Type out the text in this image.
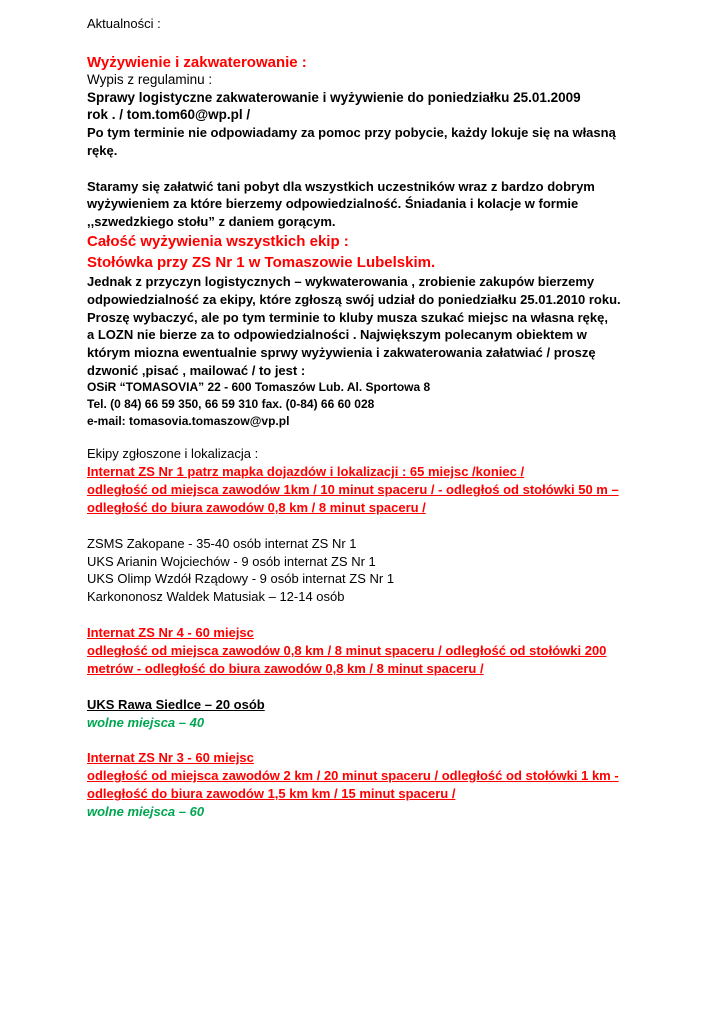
Aktualności :
Wyżywienie i zakwaterowanie :
Wypis z regulaminu :
Sprawy logistyczne zakwaterowanie i wyżywienie do poniedziałku 25.01.2009
rok . / tom.tom60@wp.pl /
Po tym terminie nie odpowiadamy za pomoc przy pobycie, każdy lokuje się na własną
rękę.
Staramy się załatwić tani pobyt dla wszystkich uczestników wraz z bardzo dobrym
wyżywieniem za które bierzemy odpowiedzialność. Śniadania i kolacje w formie
,,szwedzkiego stołu” z daniem gorącym.
Całość wyżywienia wszystkich ekip :
Stołówka przy ZS Nr 1 w Tomaszowie Lubelskim.
Jednak z przyczyn logistycznych – wykwaterowania , zrobienie zakupów bierzemy
odpowiedzialność za ekipy, które zgłoszą swój udział do poniedziałku 25.01.2010 roku.
Proszę wybaczyć, ale po tym terminie to kluby musza szukać miejsc na własna rękę,
a LOZN nie bierze za to odpowiedzialności . Największym polecanym obiektem w
którym miozna ewentualnie sprwy wyżywienia i zakwaterowania załatwiać / proszę
dzwonić ,pisać , mailować / to jest :
OSiR “TOMASOVIA” 22 - 600 Tomaszów Lub. Al. Sportowa 8
Tel. (0 84) 66 59 350, 66 59 310 fax. (0-84) 66 60 028
e-mail: tomasovia.tomaszow@vp.pl
Ekipy zgłoszone i lokalizacja :
Internat ZS Nr 1 patrz mapka dojazdów i lokalizacji : 65 miejsc /koniec /
odległość od miejsca zawodów 1km / 10 minut spaceru / - odległoś od stołówki 50 m –
odległość do biura zawodów 0,8 km / 8 minut spaceru /
ZSMS Zakopane - 35-40 osób internat ZS Nr 1
UKS Arianin Wojciechów - 9 osób internat ZS Nr 1
UKS Olimp Wzdół Rządowy - 9 osób internat ZS Nr 1
Karkononosz Waldek Matusiak – 12-14 osób
Internat ZS Nr 4 - 60 miejsc
odległość od miejsca zawodów 0,8 km / 8 minut spaceru / odległość od stołówki 200
metrów - odległość do biura zawodów 0,8 km / 8 minut spaceru /
UKS Rawa Siedlce – 20 osób
wolne miejsca – 40
Internat ZS Nr 3 - 60 miejsc
odległość od miejsca zawodów 2 km / 20 minut spaceru / odległość od stołówki 1 km -
odległość do biura zawodów 1,5 km km / 15 minut spaceru /
wolne miejsca – 60
